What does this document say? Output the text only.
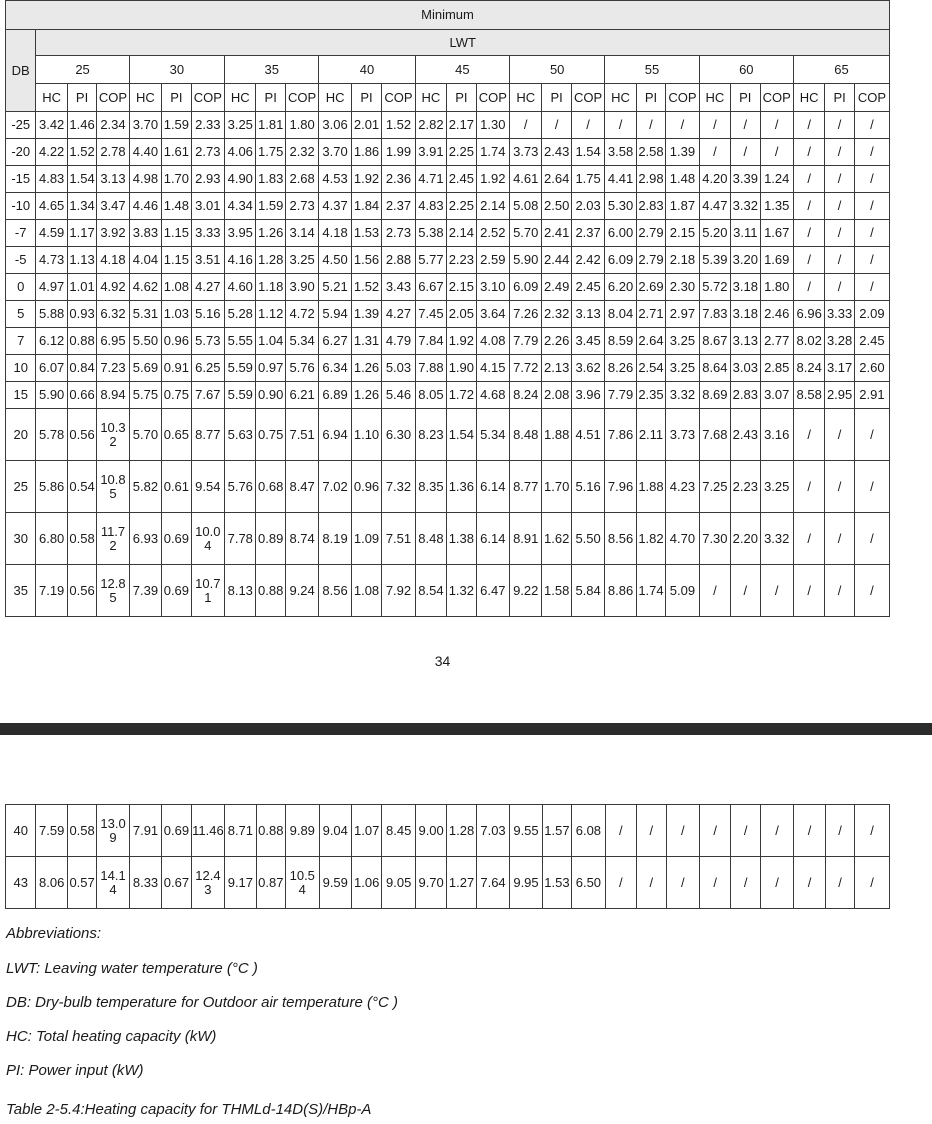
Minimum																											
DB	LWT																										
	25			30			35			40			45			50			55			60			65		
	HC	PI	COP	HC	PI	COP	HC	PI	COP	HC	PI	COP	HC	PI	COP	HC	PI	COP	HC	PI	COP	HC	PI	COP	HC	PI	COP
-25	3.42	1.46	2.34	3.70	1.59	2.33	3.25	1.81	1.80	3.06	2.01	1.52	2.82	2.17	1.30	/	/	/	/	/	/	/	/	/	/	/	/
-20	4.22	1.52	2.78	4.40	1.61	2.73	4.06	1.75	2.32	3.70	1.86	1.99	3.91	2.25	1.74	3.73	2.43	1.54	3.58	2.58	1.39	/	/	/	/	/	/
-15	4.83	1.54	3.13	4.98	1.70	2.93	4.90	1.83	2.68	4.53	1.92	2.36	4.71	2.45	1.92	4.61	2.64	1.75	4.41	2.98	1.48	4.20	3.39	1.24	/	/	/
-10	4.65	1.34	3.47	4.46	1.48	3.01	4.34	1.59	2.73	4.37	1.84	2.37	4.83	2.25	2.14	5.08	2.50	2.03	5.30	2.83	1.87	4.47	3.32	1.35	/	/	/
-7	4.59	1.17	3.92	3.83	1.15	3.33	3.95	1.26	3.14	4.18	1.53	2.73	5.38	2.14	2.52	5.70	2.41	2.37	6.00	2.79	2.15	5.20	3.11	1.67	/	/	/
-5	4.73	1.13	4.18	4.04	1.15	3.51	4.16	1.28	3.25	4.50	1.56	2.88	5.77	2.23	2.59	5.90	2.44	2.42	6.09	2.79	2.18	5.39	3.20	1.69	/	/	/
0	4.97	1.01	4.92	4.62	1.08	4.27	4.60	1.18	3.90	5.21	1.52	3.43	6.67	2.15	3.10	6.09	2.49	2.45	6.20	2.69	2.30	5.72	3.18	1.80	/	/	/
5	5.88	0.93	6.32	5.31	1.03	5.16	5.28	1.12	4.72	5.94	1.39	4.27	7.45	2.05	3.64	7.26	2.32	3.13	8.04	2.71	2.97	7.83	3.18	2.46	6.96	3.33	2.09
7	6.12	0.88	6.95	5.50	0.96	5.73	5.55	1.04	5.34	6.27	1.31	4.79	7.84	1.92	4.08	7.79	2.26	3.45	8.59	2.64	3.25	8.67	3.13	2.77	8.02	3.28	2.45
10	6.07	0.84	7.23	5.69	0.91	6.25	5.59	0.97	5.76	6.34	1.26	5.03	7.88	1.90	4.15	7.72	2.13	3.62	8.26	2.54	3.25	8.64	3.03	2.85	8.24	3.17	2.60
15	5.90	0.66	8.94	5.75	0.75	7.67	5.59	0.90	6.21	6.89	1.26	5.46	8.05	1.72	4.68	8.24	2.08	3.96	7.79	2.35	3.32	8.69	2.83	3.07	8.58	2.95	2.91
20	5.78	0.56	10.32	5.70	0.65	8.77	5.63	0.75	7.51	6.94	1.10	6.30	8.23	1.54	5.34	8.48	1.88	4.51	7.86	2.11	3.73	7.68	2.43	3.16	/	/	/
25	5.86	0.54	10.85	5.82	0.61	9.54	5.76	0.68	8.47	7.02	0.96	7.32	8.35	1.36	6.14	8.77	1.70	5.16	7.96	1.88	4.23	7.25	2.23	3.25	/	/	/
30	6.80	0.58	11.72	6.93	0.69	10.04	7.78	0.89	8.74	8.19	1.09	7.51	8.48	1.38	6.14	8.91	1.62	5.50	8.56	1.82	4.70	7.30	2.20	3.32	/	/	/
35	7.19	0.56	12.85	7.39	0.69	10.71	8.13	0.88	9.24	8.56	1.08	7.92	8.54	1.32	6.47	9.22	1.58	5.84	8.86	1.74	5.09	/	/	/	/	/	/
34
40	7.59	0.58	13.09	7.91	0.69	11.46	8.71	0.88	9.89	9.04	1.07	8.45	9.00	1.28	7.03	9.55	1.57	6.08	/	/	/	/	/	/	/	/	/
43	8.06	0.57	14.14	8.33	0.67	12.43	9.17	0.87	10.54	9.59	1.06	9.05	9.70	1.27	7.64	9.95	1.53	6.50	/	/	/	/	/	/	/	/	/
Abbreviations:
LWT: Leaving water temperature (°C )
DB: Dry-bulb temperature for Outdoor air temperature (°C )
HC: Total heating capacity (kW)
PI: Power input (kW)
Table 2-5.4:Heating capacity for THMLd-14D(S)/HBp-A
